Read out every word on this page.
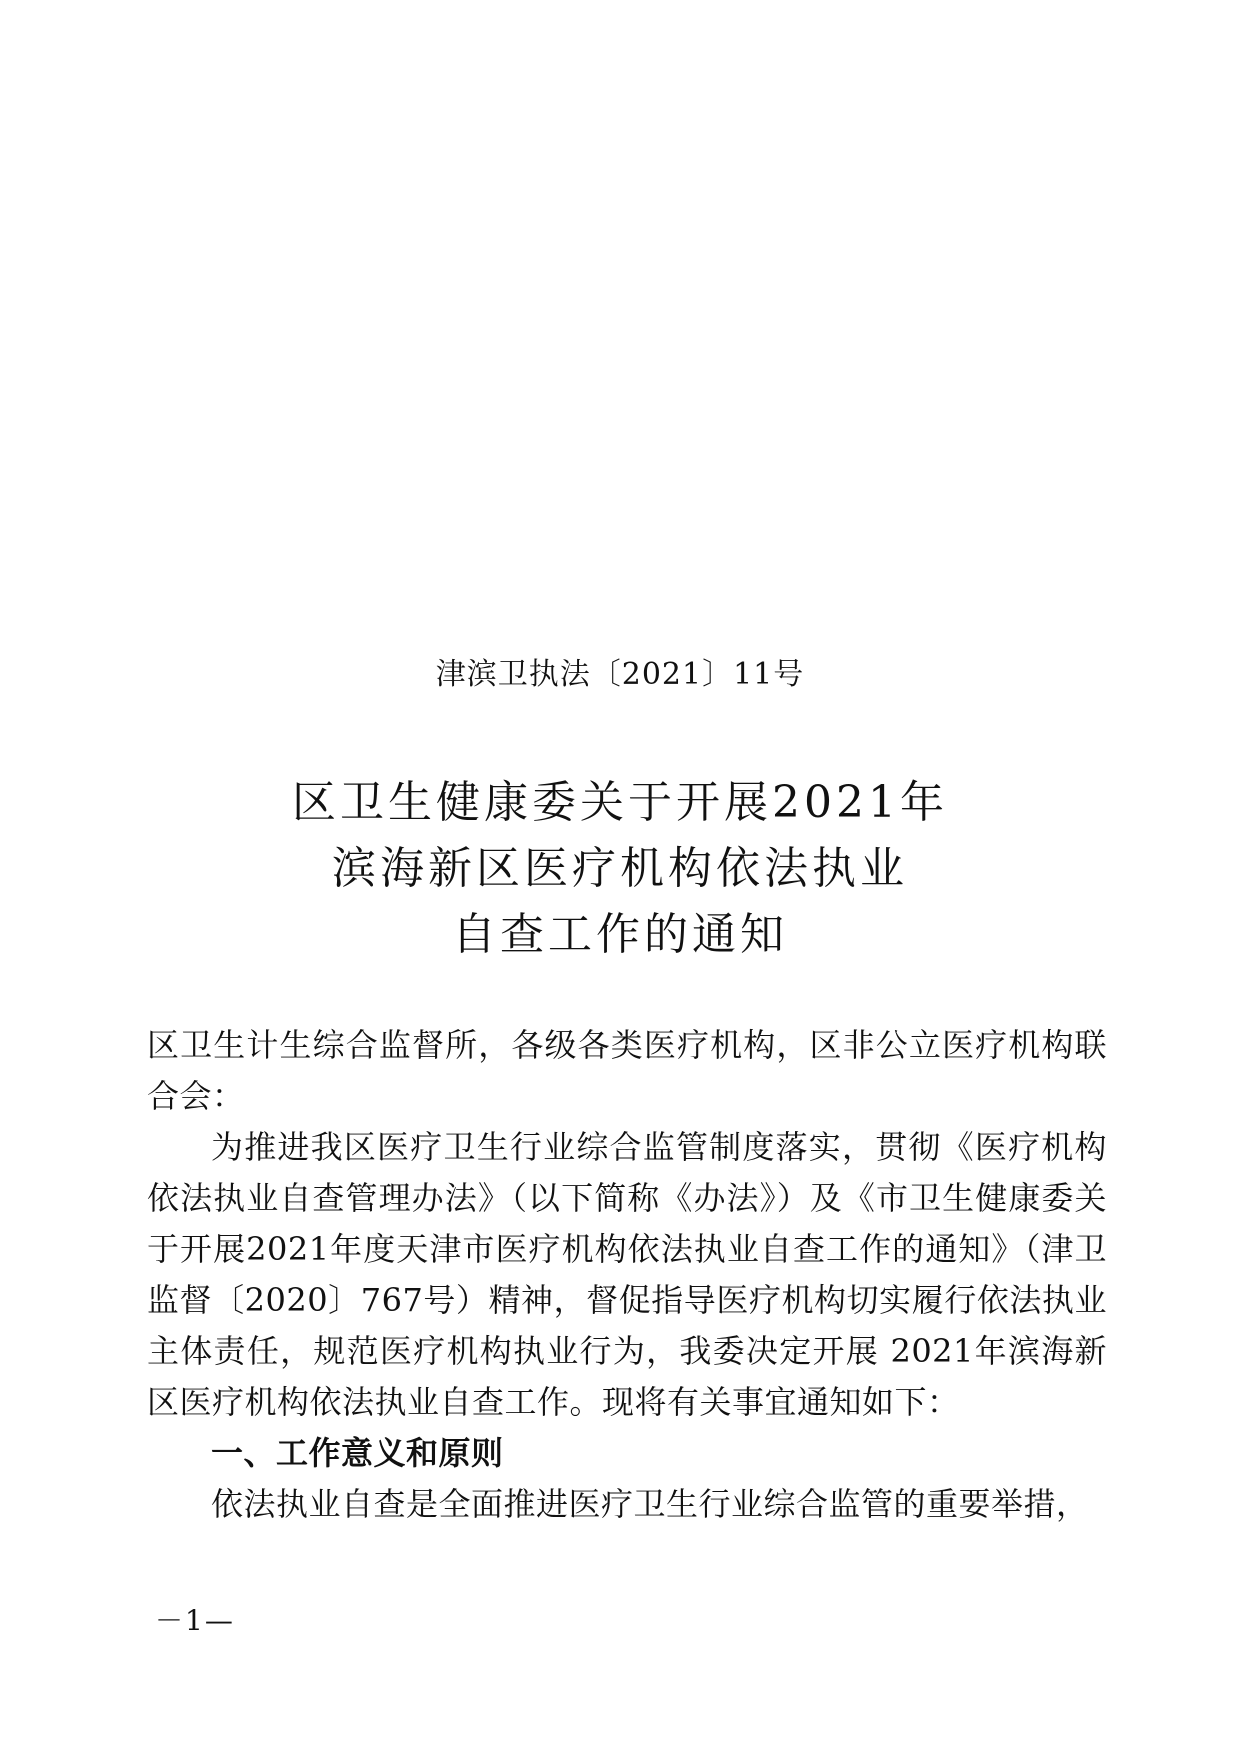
津滨卫执法〔2021〕11号
区卫生健康委关于开展2021年
滨海新区医疗机构依法执业
自查工作的通知

区卫生计生综合监督所，各级各类医疗机构，区非公立医疗机构联合会：

为推进我区医疗卫生行业综合监管制度落实，贯彻《医疗机构依法执业自查管理办法》（以下简称《办法》）及《市卫生健康委关于开展2021年度天津市医疗机构依法执业自查工作的通知》（津卫监督〔2020〕767号）精神，督促指导医疗机构切实履行依法执业主体责任，规范医疗机构执业行为，我委决定开展 2021年滨海新区医疗机构依法执业自查工作。现将有关事宜通知如下：

一、工作意义和原则

依法执业自查是全面推进医疗卫生行业综合监管的重要举措，

－1—
